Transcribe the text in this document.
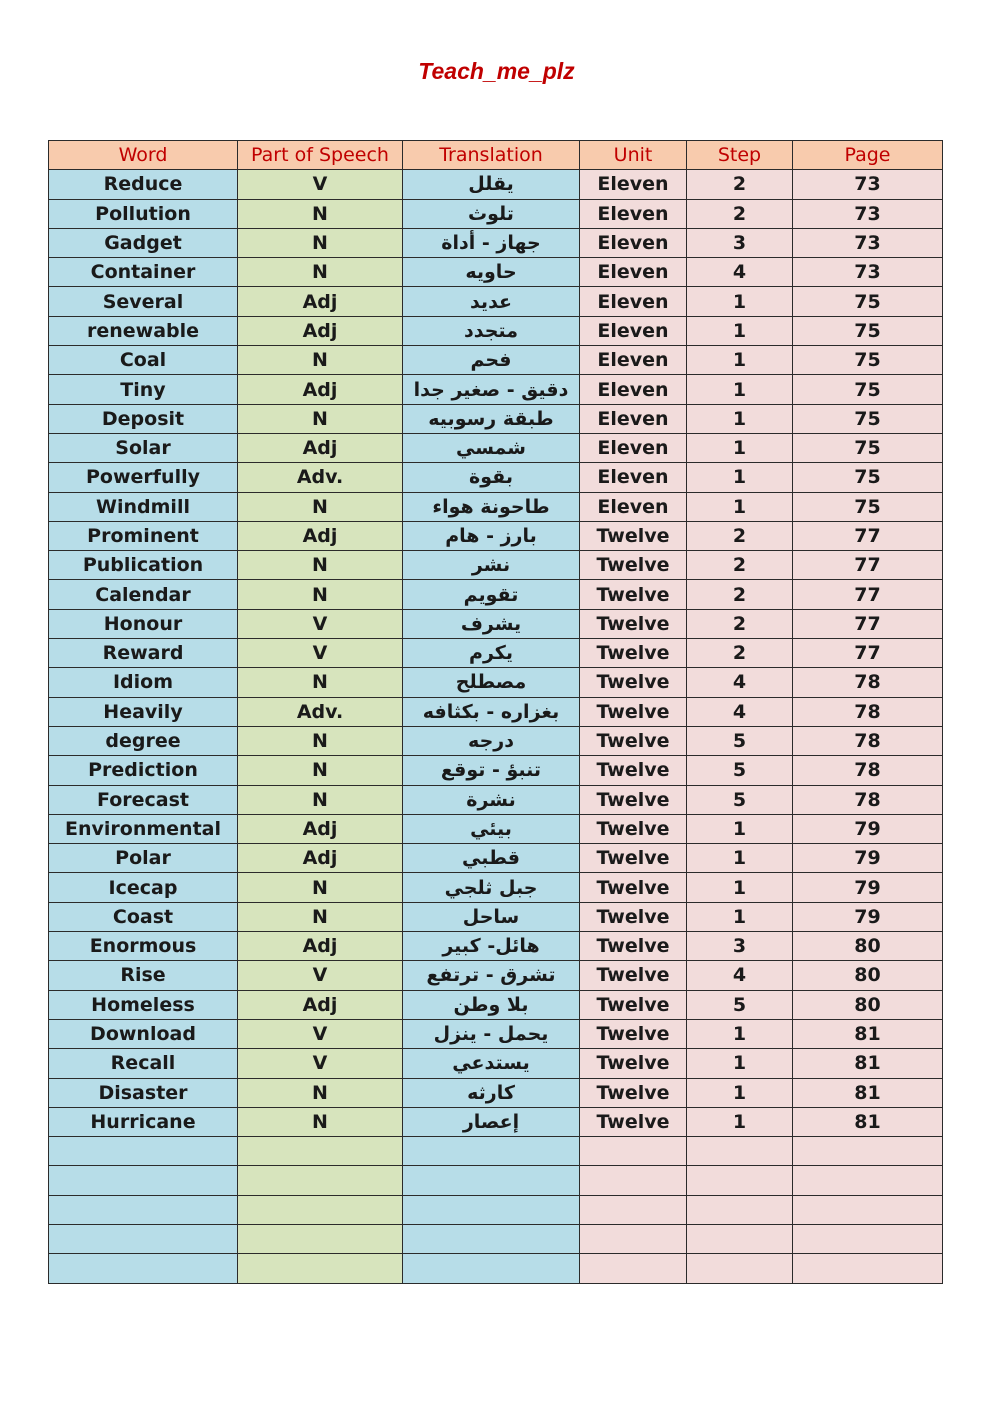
Teach_me_plz
Word	Part of Speech	Translation	Unit	Step	Page
Reduce	V	يقلل	Eleven	2	73
Pollution	N	تلوث	Eleven	2	73
Gadget	N	جهاز - أداة	Eleven	3	73
Container	N	حاويه	Eleven	4	73
Several	Adj	عديد	Eleven	1	75
renewable	Adj	متجدد	Eleven	1	75
Coal	N	فحم	Eleven	1	75
Tiny	Adj	دقيق - صغير جدا	Eleven	1	75
Deposit	N	طبقة رسوبيه	Eleven	1	75
Solar	Adj	شمسي	Eleven	1	75
Powerfully	Adv.	بقوة	Eleven	1	75
Windmill	N	طاحونة هواء	Eleven	1	75
Prominent	Adj	بارز - هام	Twelve	2	77
Publication	N	نشر	Twelve	2	77
Calendar	N	تقويم	Twelve	2	77
Honour	V	يشرف	Twelve	2	77
Reward	V	يكرم	Twelve	2	77
Idiom	N	مصطلح	Twelve	4	78
Heavily	Adv.	بغزاره - بكثافه	Twelve	4	78
degree	N	درجه	Twelve	5	78
Prediction	N	تنبؤ - توقع	Twelve	5	78
Forecast	N	نشرة	Twelve	5	78
Environmental	Adj	بيئي	Twelve	1	79
Polar	Adj	قطبي	Twelve	1	79
Icecap	N	جبل ثلجي	Twelve	1	79
Coast	N	ساحل	Twelve	1	79
Enormous	Adj	هائل- كبير	Twelve	3	80
Rise	V	تشرق - ترتفع	Twelve	4	80
Homeless	Adj	بلا وطن	Twelve	5	80
Download	V	يحمل - ينزل	Twelve	1	81
Recall	V	يستدعي	Twelve	1	81
Disaster	N	كارثه	Twelve	1	81
Hurricane	N	إعصار	Twelve	1	81
